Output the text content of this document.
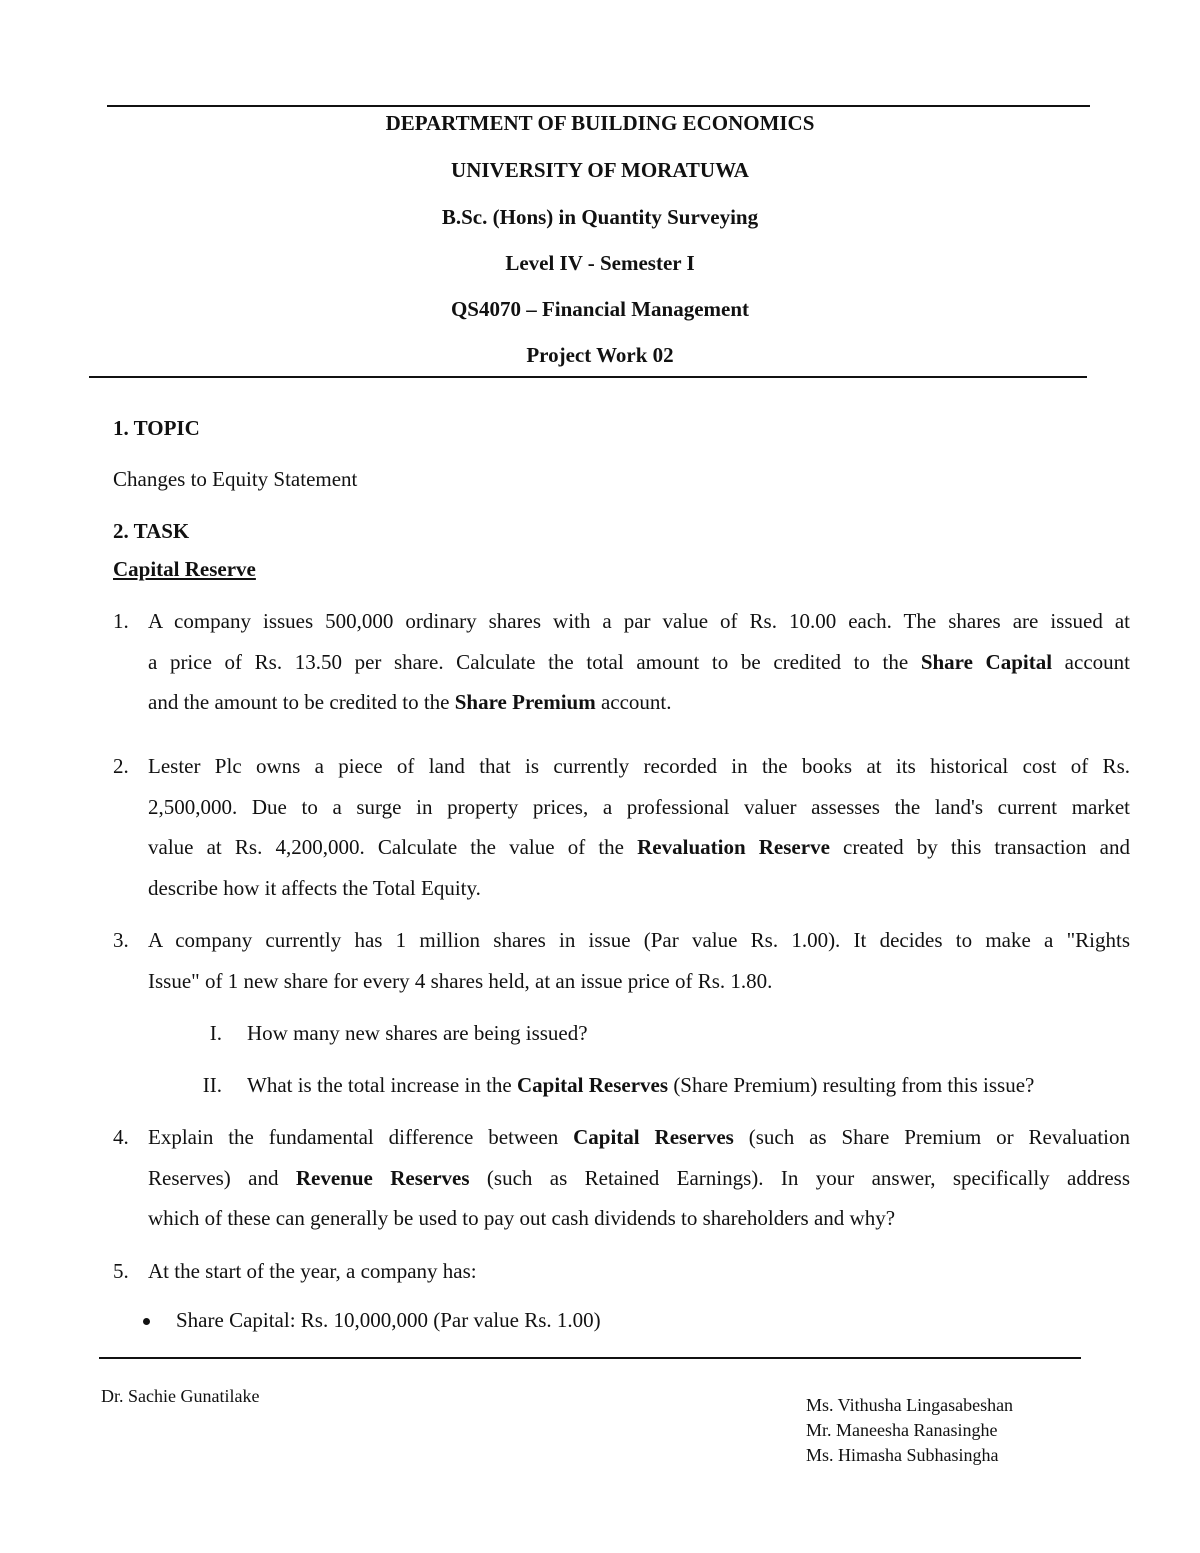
DEPARTMENT OF BUILDING ECONOMICS
UNIVERSITY OF MORATUWA
B.Sc. (Hons) in Quantity Surveying
Level IV - Semester I
QS4070 – Financial Management
Project Work 02
1. TOPIC
Changes to Equity Statement
2. TASK
Capital Reserve
1. A company issues 500,000 ordinary shares with a par value of Rs. 10.00 each. The shares are issued at
a price of Rs. 13.50 per share. Calculate the total amount to be credited to the Share Capital account
and the amount to be credited to the Share Premium account.
2. Lester Plc owns a piece of land that is currently recorded in the books at its historical cost of Rs.
2,500,000. Due to a surge in property prices, a professional valuer assesses the land's current market
value at Rs. 4,200,000. Calculate the value of the Revaluation Reserve created by this transaction and
describe how it affects the Total Equity.
3. A company currently has 1 million shares in issue (Par value Rs. 1.00). It decides to make a "Rights
Issue" of 1 new share for every 4 shares held, at an issue price of Rs. 1.80.
I. How many new shares are being issued?
II. What is the total increase in the Capital Reserves (Share Premium) resulting from this issue?
4. Explain the fundamental difference between Capital Reserves (such as Share Premium or Revaluation
Reserves) and Revenue Reserves (such as Retained Earnings). In your answer, specifically address
which of these can generally be used to pay out cash dividends to shareholders and why?
5. At the start of the year, a company has:
Share Capital: Rs. 10,000,000 (Par value Rs. 1.00)
Dr. Sachie Gunatilake	Ms. Vithusha Lingasabeshan
Mr. Maneesha Ranasinghe
Ms. Himasha Subhasingha
